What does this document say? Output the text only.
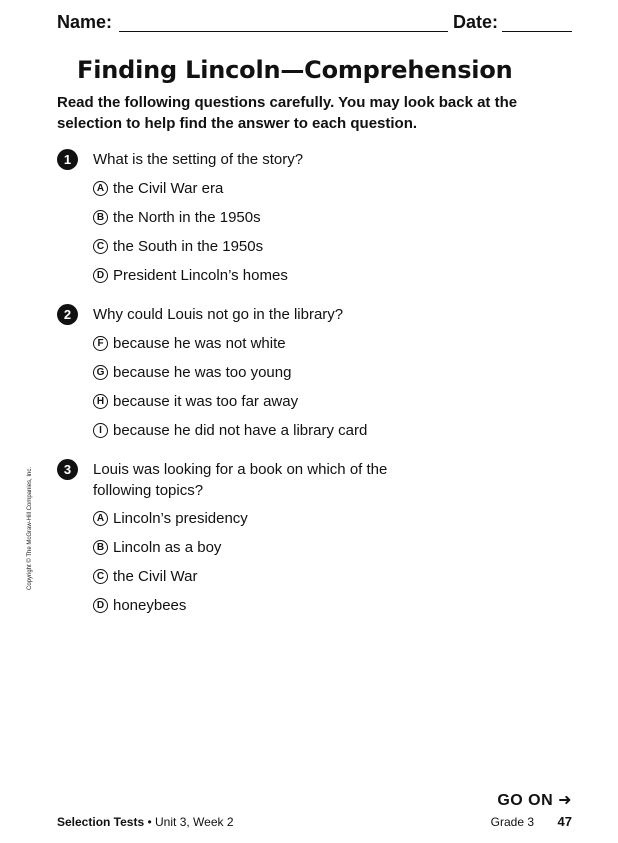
Name:	Date:
Finding Lincoln—Comprehension
Read the following questions carefully. You may look back at the selection to help find the answer to each question.
1	What is the setting of the story?
A the Civil War era
B the North in the 1950s
C the South in the 1950s
D President Lincoln’s homes
2	Why could Louis not go in the library?
F because he was not white
G because he was too young
H because it was too far away
I because he did not have a library card
3	Louis was looking for a book on which of the following topics?
A Lincoln’s presidency
B Lincoln as a boy
C the Civil War
D honeybees
Copyright © The McGraw-Hill Companies, Inc.
GO ON ➜
Selection Tests • Unit 3, Week 2	Grade 3 47
